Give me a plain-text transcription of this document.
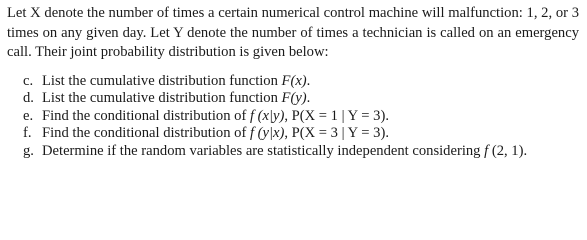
Let X denote the number of times a certain numerical control machine will malfunction: 1, 2, or 3 times on any given day. Let Y denote the number of times a technician is called on an emergency call. Their joint probability distribution is given below:

c. List the cumulative distribution function F(x).
d. List the cumulative distribution function F(y).
e. Find the conditional distribution of f (x|y), P(X = 1 | Y = 3).
f. Find the conditional distribution of f (y|x), P(X = 3 | Y = 3).
g. Determine if the random variables are statistically independent considering f (2, 1).
